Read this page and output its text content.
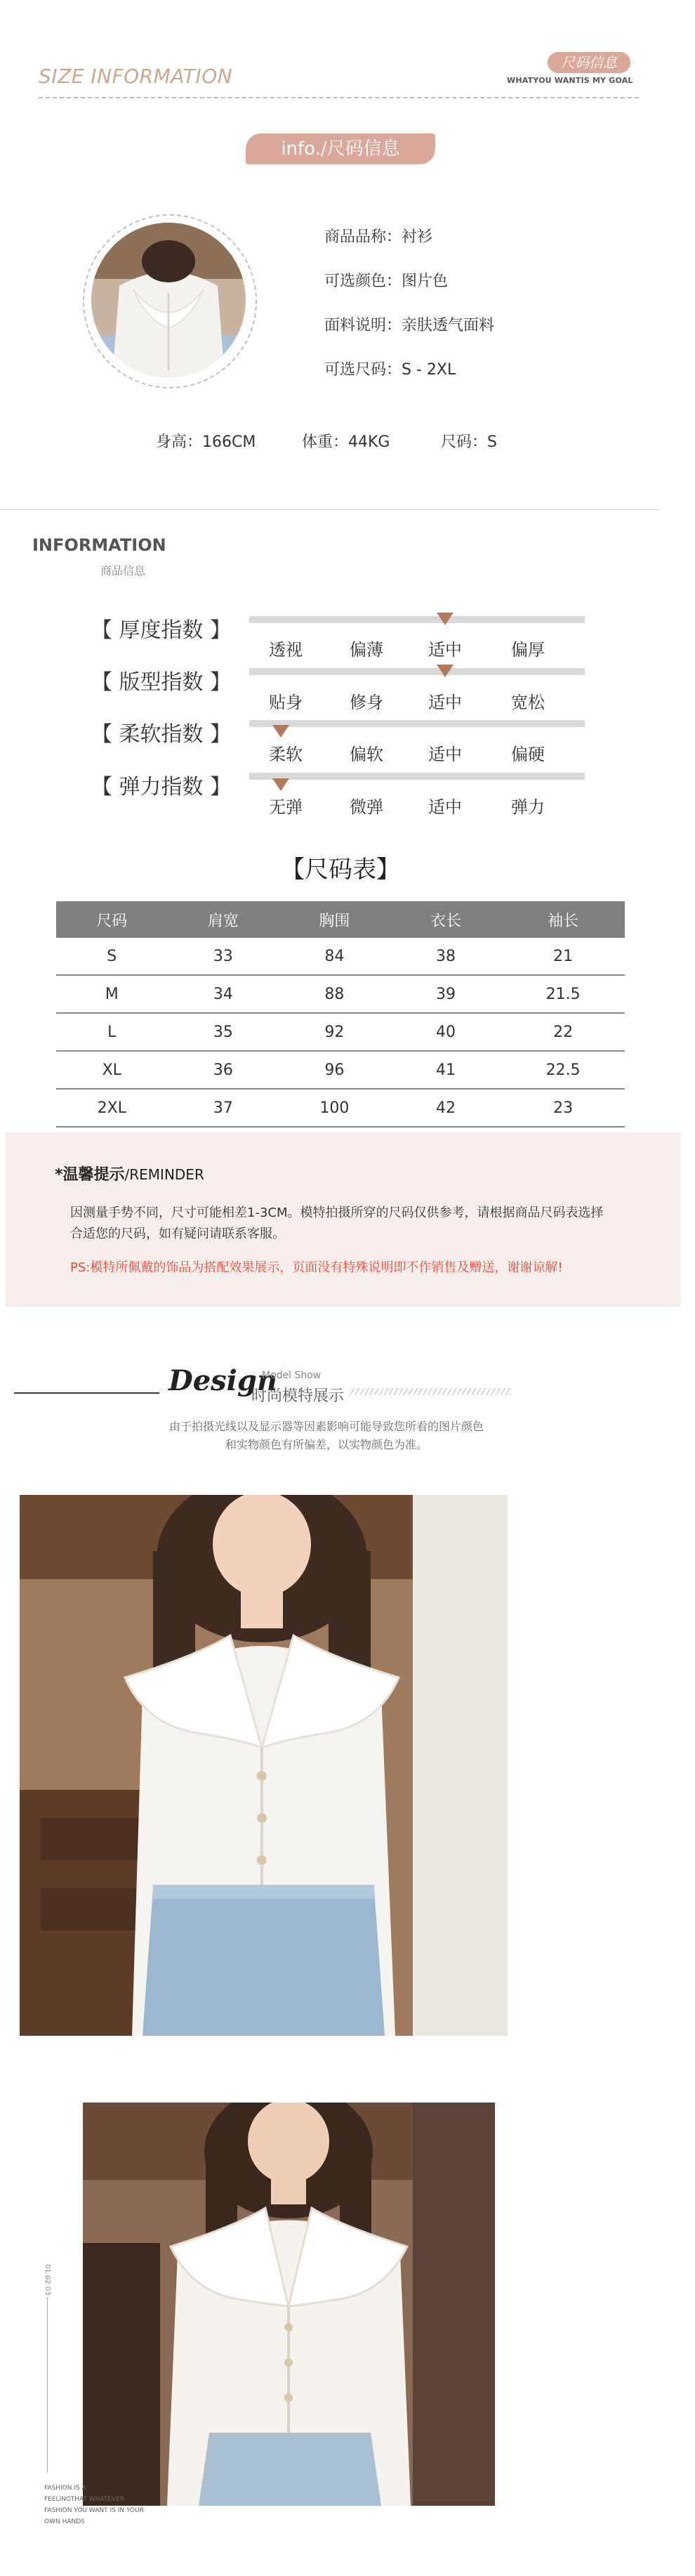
SIZE INFORMATION
尺码信息
WHATYOU WANTIS MY GOAL
info./尺码信息
商品品称：衬衫
可选颜色：图片色
面料说明：亲肤透气面料
可选尺码：S - 2XL
身高：166CM	体重：44KG	尺码：S
INFORMATION
商品信息
【 厚度指数 】
透视	偏薄	适中	偏厚
【 版型指数 】
贴身	修身	适中	宽松
【 柔软指数 】
柔软	偏软	适中	偏硬
【 弹力指数 】
无弹	微弹	适中	弹力
【尺码表】
尺码	肩宽	胸围	衣长	袖长
S	33	84	38	21
M	34	88	39	21.5
L	35	92	40	22
XL	36	96	41	22.5
2XL	37	100	42	23
*温馨提示/REMINDER
因测量手势不同，尺寸可能相差1-3CM。模特拍摄所穿的尺码仅供参考，请根据商品尺码表选择合适您的尺码，如有疑问请联系客服。
PS:模特所佩戴的饰品为搭配效果展示，页面没有特殊说明即不作销售及赠送，谢谢谅解!
Design
Model Show
时尚模特展示
由于拍摄光线以及显示器等因素影响可能导致您所看的图片颜色
和实物颜色有所偏差，以实物颜色为准。
01 02 03
FASHION IS A
FEELINGTHAT WHATEVER
FASHION YOU WANT IS IN YOUR
OWN HANDS
